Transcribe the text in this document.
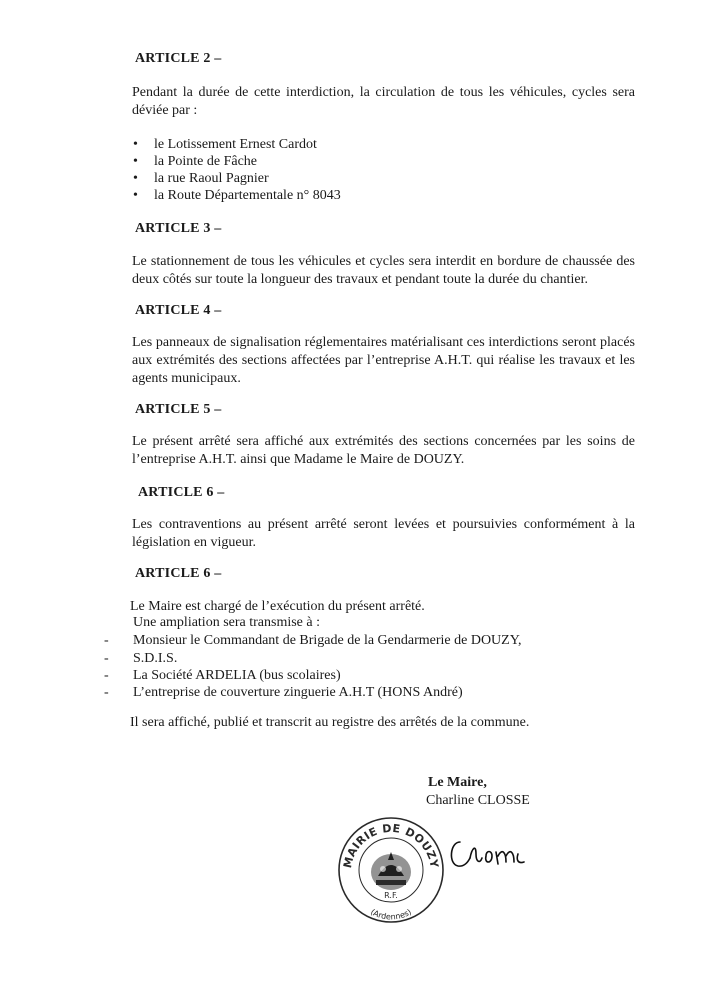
ARTICLE 2 –
Pendant la durée de cette interdiction, la circulation de tous les véhicules, cycles sera déviée par :
• le Lotissement Ernest Cardot
• la Pointe de Fâche
• la rue Raoul Pagnier
• la Route Départementale n° 8043
ARTICLE 3 –
Le stationnement de tous les véhicules et cycles sera interdit en bordure de chaussée des deux côtés sur toute la longueur des travaux et pendant toute la durée du chantier.
ARTICLE 4 –
Les panneaux de signalisation réglementaires matérialisant ces interdictions seront placés aux extrémités des sections affectées par l’entreprise A.H.T. qui réalise les travaux et les agents municipaux.
ARTICLE 5 –
Le présent arrêté sera affiché aux extrémités des sections concernées par les soins de l’entreprise A.H.T. ainsi que Madame le Maire de DOUZY.
ARTICLE 6 –
Les contraventions au présent arrêté seront levées et poursuivies conformément à la législation en vigueur.
ARTICLE 6 –
Le Maire est chargé de l’exécution du présent arrêté.
Une ampliation sera transmise à :
- Monsieur le Commandant de Brigade de la Gendarmerie de DOUZY,
- S.D.I.S.
- La Société ARDELIA (bus scolaires)
- L’entreprise de couverture zinguerie A.H.T (HONS André)
Il sera affiché, publié et transcrit au registre des arrêtés de la commune.
Le Maire,
Charline CLOSSE
MAIRIE DE DOUZY
(Ardennes)
R.F.
